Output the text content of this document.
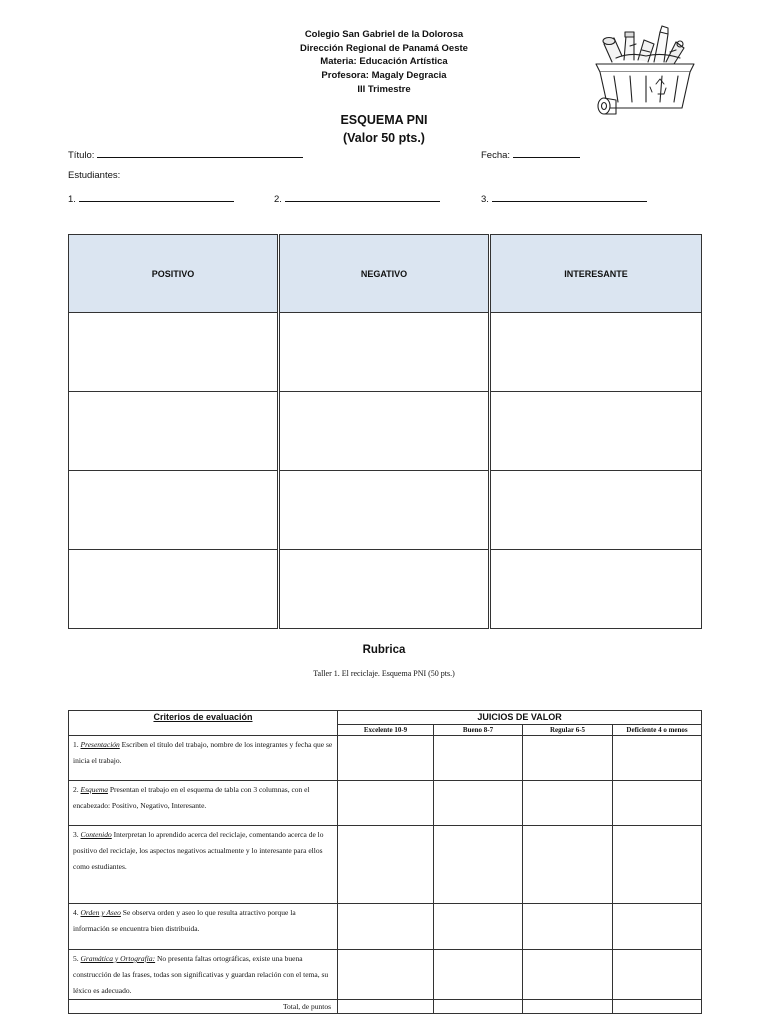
Colegio San Gabriel de la Dolorosa
Dirección Regional de Panamá Oeste
Materia: Educación Artística
Profesora: Magaly Degracia
III Trimestre
ESQUEMA PNI
(Valor 50 pts.)
Título:	Fecha:
Estudiantes:
1.	2.	3.
POSITIVO		NEGATIVO		INTERESANTE

Rubrica
Taller 1. El reciclaje. Esquema PNI (50 pts.)
Criterios de evaluación	JUICIOS DE VALOR			
	Excelente 10-9	Bueno 8-7	Regular 6-5	Deficiente 4 o menos
1. Presentación Escriben el título del trabajo, nombre de los integrantes y fecha que se inicia el trabajo.				
2. Esquema Presentan el trabajo en el esquema de tabla con 3 columnas, con el encabezado: Positivo, Negativo, Interesante.				
3. Contenido Interpretan lo aprendido acerca del reciclaje, comentando acerca de lo positivo del reciclaje, los aspectos negativos actualmente y lo interesante para ellos como estudiantes.				
4. Orden y Aseo Se observa orden y aseo lo que resulta atractivo porque la información se encuentra bien distribuida.				
5. Gramática y Ortografía: No presenta faltas ortográficas, existe una buena construcción de las frases, todas son significativas y guardan relación con el tema, su léxico es adecuado.				
Total, de puntos				
